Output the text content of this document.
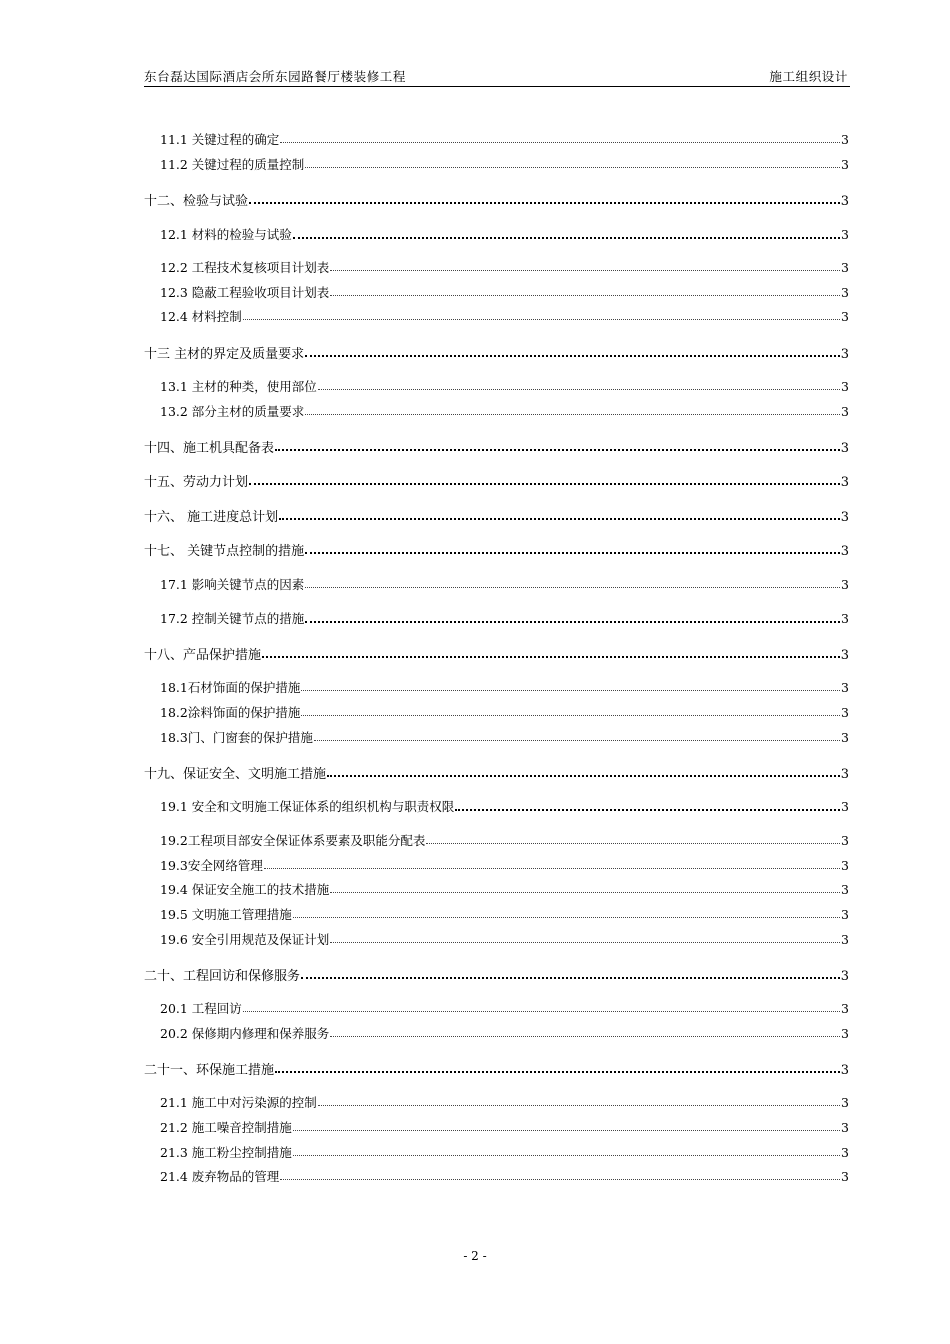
东台磊达国际酒店会所东园路餐厅楼装修工程	施工组织设计
11.1 关键过程的确定	3
11.2 关键过程的质量控制	3
十二、检验与试验	3
12.1 材料的检验与试验	3
12.2 工程技术复核项目计划表	3
12.3 隐蔽工程验收项目计划表	3
12.4 材料控制	3
十三 主材的界定及质量要求	3
13.1 主材的种类，使用部位	3
13.2 部分主材的质量要求	3
十四、施工机具配备表	3
十五、劳动力计划	3
十六、 施工进度总计划	3
十七、 关键节点控制的措施	3
17.1 影响关键节点的因素	3
17.2 控制关键节点的措施	3
十八、产品保护措施	3
18.1石材饰面的保护措施	3
18.2涂料饰面的保护措施	3
18.3门、门窗套的保护措施	3
十九、保证安全、文明施工措施	3
19.1 安全和文明施工保证体系的组织机构与职责权限	3
19.2工程项目部安全保证体系要素及职能分配表	3
19.3安全网络管理	3
19.4 保证安全施工的技术措施	3
19.5 文明施工管理措施	3
19.6 安全引用规范及保证计划	3
二十、工程回访和保修服务	3
20.1 工程回访	3
20.2 保修期内修理和保养服务	3
二十一、环保施工措施	3
21.1 施工中对污染源的控制	3
21.2 施工噪音控制措施	3
21.3 施工粉尘控制措施	3
21.4 废弃物品的管理	3
- 2 -
